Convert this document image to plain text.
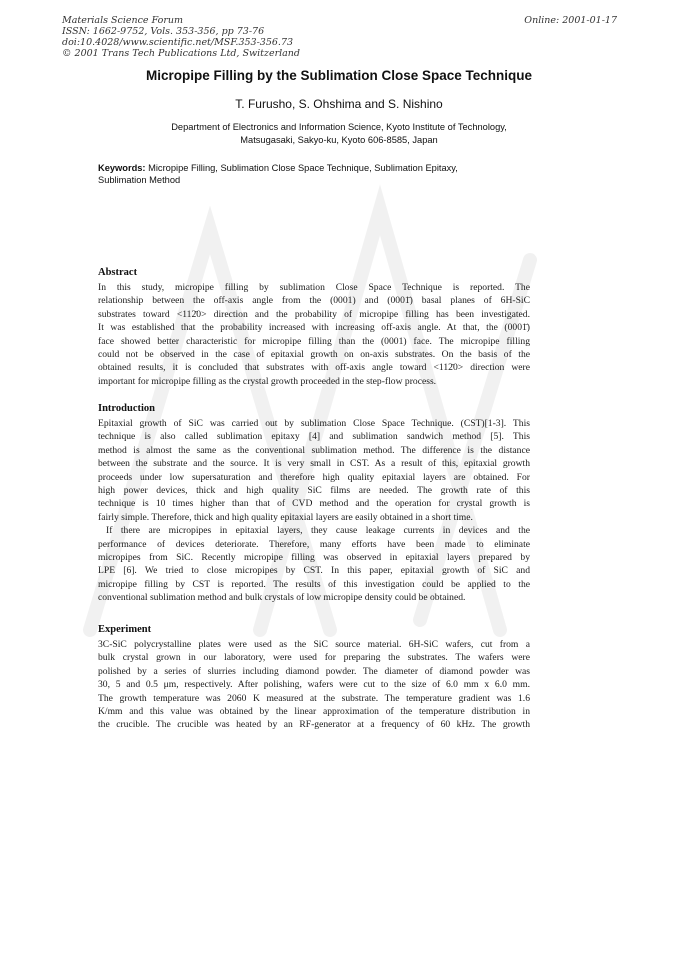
Materials Science Forum
ISSN: 1662-9752, Vols. 353-356, pp 73-76
doi:10.4028/www.scientific.net/MSF.353-356.73
© 2001 Trans Tech Publications Ltd, Switzerland
Online: 2001-01-17
Micropipe Filling by the Sublimation Close Space Technique
T. Furusho, S. Ohshima and S. Nishino
Department of Electronics and Information Science, Kyoto Institute of Technology,
Matsugasaki, Sakyo-ku, Kyoto 606-8585, Japan
Keywords: Micropipe Filling, Sublimation Close Space Technique, Sublimation Epitaxy,
Sublimation Method
Abstract
In this study, micropipe filling by sublimation Close Space Technique is reported. The
relationship between the off-axis angle from the (0001) and (0001̄) basal planes of 6H-SiC
substrates toward <112̄0> direction and the probability of micropipe filling has been investigated.
It was established that the probability increased with increasing off-axis angle. At that, the (0001̄)
face showed better characteristic for micropipe filling than the (0001) face. The micropipe filling
could not be observed in the case of epitaxial growth on on-axis substrates. On the basis of the
obtained results, it is concluded that substrates with off-axis angle toward <112̄0> direction were
important for micropipe filling as the crystal growth proceeded in the step-flow process.
Introduction
Epitaxial growth of SiC was carried out by sublimation Close Space Technique. (CST)[1-3]. This
technique is also called sublimation epitaxy [4] and sublimation sandwich method [5]. This
method is almost the same as the conventional sublimation method. The difference is the distance
between the substrate and the source. It is very small in CST. As a result of this, epitaxial growth
proceeds under low supersaturation and therefore high quality epitaxial layers are obtained. For
high power devices, thick and high quality SiC films are needed. The growth rate of this
technique is 10 times higher than that of CVD method and the operation for crystal growth is
fairly simple. Therefore, thick and high quality epitaxial layers are easily obtained in a short time.
If there are micropipes in epitaxial layers, they cause leakage currents in devices and the
performance of devices deteriorate. Therefore, many efforts have been made to eliminate
micropipes from SiC. Recently micropipe filling was observed in epitaxial layers prepared by
LPE [6]. We tried to close micropipes by CST. In this paper, epitaxial growth of SiC and
micropipe filling by CST is reported. The results of this investigation could be applied to the
conventional sublimation method and bulk crystals of low micropipe density could be obtained.
Experiment
3C-SiC polycrystalline plates were used as the SiC source material. 6H-SiC wafers, cut from a
bulk crystal grown in our laboratory, were used for preparing the substrates. The wafers were
polished by a series of slurries including diamond powder. The diameter of diamond powder was
30, 5 and 0.5 μm, respectively. After polishing, wafers were cut to the size of 6.0 mm x 6.0 mm.
The growth temperature was 2060 K measured at the substrate. The temperature gradient was 1.6
K/mm and this value was obtained by the linear approximation of the temperature distribution in
the crucible. The crucible was heated by an RF-generator at a frequency of 60 kHz. The growth
